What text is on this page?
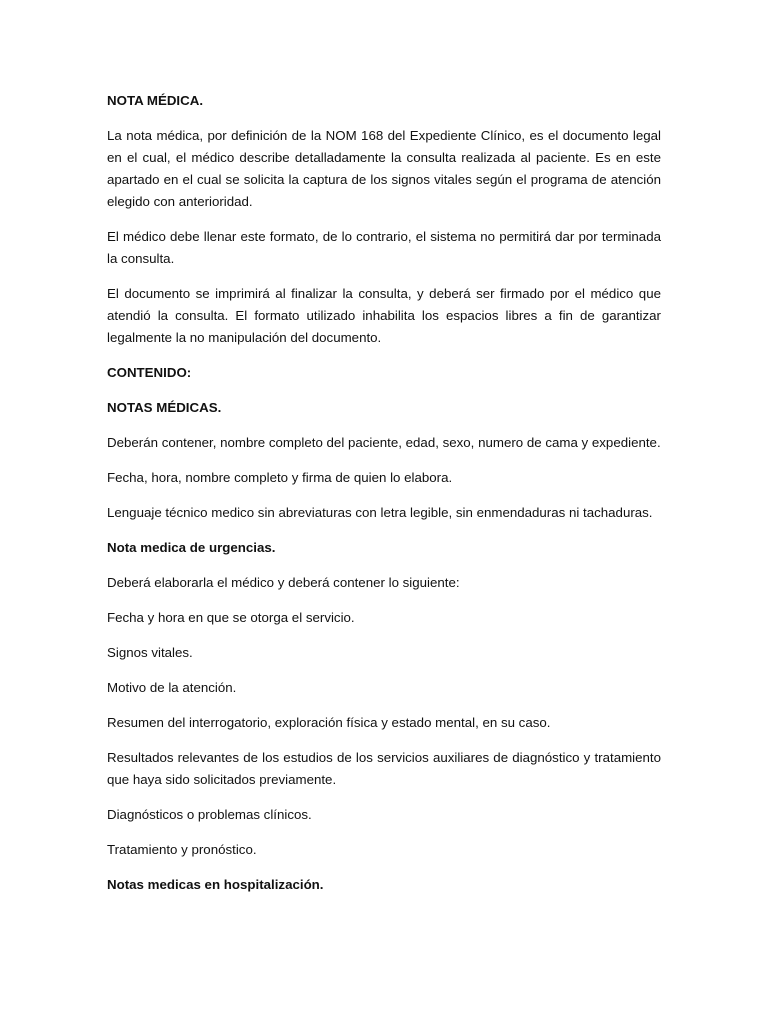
NOTA MÉDICA.

La nota médica, por definición de la NOM 168 del Expediente Clínico, es el documento legal en el cual, el médico describe detalladamente la consulta realizada al paciente. Es en este apartado en el cual se solicita la captura de los signos vitales según el programa de atención elegido con anterioridad.

El médico debe llenar este formato, de lo contrario, el sistema no permitirá dar por terminada la consulta.

El documento se imprimirá al finalizar la consulta, y deberá ser firmado por el médico que atendió la consulta. El formato utilizado inhabilita los espacios libres a fin de garantizar legalmente la no manipulación del documento.

CONTENIDO:
NOTAS MÉDICAS.

Deberán contener, nombre completo del paciente, edad, sexo, numero de cama y expediente.

Fecha, hora, nombre completo y firma de quien lo elabora.

Lenguaje técnico medico sin abreviaturas con letra legible, sin enmendaduras ni tachaduras.

Nota medica de urgencias.

Deberá elaborarla el médico y deberá contener lo siguiente:

Fecha y hora en que se otorga el servicio.

Signos vitales.

Motivo de la atención.

Resumen del interrogatorio, exploración física y estado mental, en su caso.

Resultados relevantes de los estudios de los servicios auxiliares de diagnóstico y tratamiento que haya sido solicitados previamente.

Diagnósticos o problemas clínicos.

Tratamiento y pronóstico.

Notas medicas en hospitalización.
